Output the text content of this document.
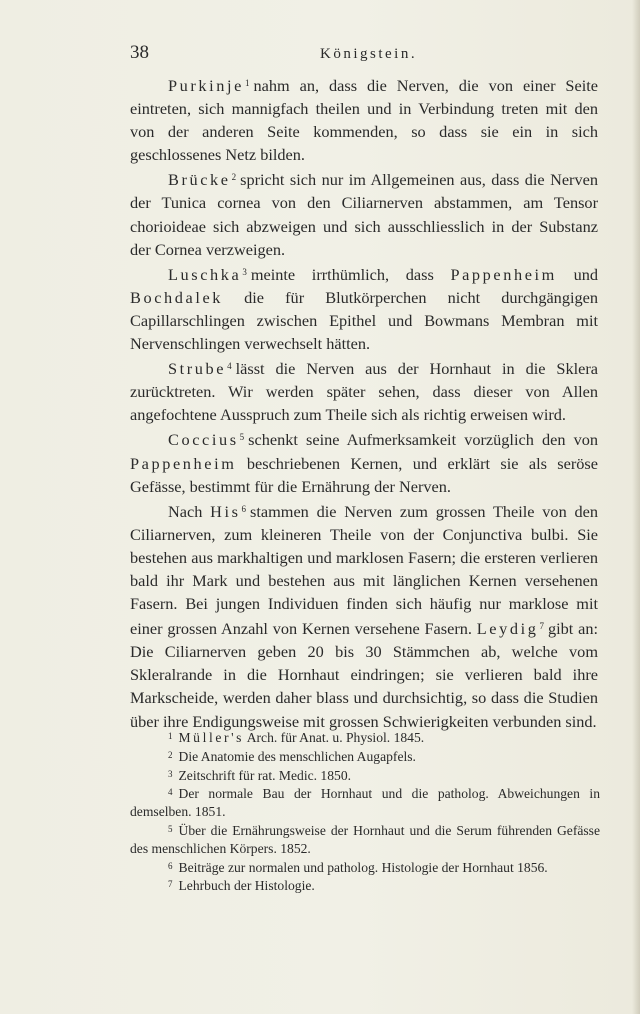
38	Königstein.

Purkinje$^1$ nahm an, dass die Nerven, die von einer Seite eintreten, sich mannigfach theilen und in Verbindung treten mit den von der anderen Seite kommenden, so dass sie ein in sich geschlossenes Netz bilden.

Brücke$^2$ spricht sich nur im Allgemeinen aus, dass die Nerven der Tunica cornea von den Ciliarnerven abstammen, am Tensor chorioideae sich abzweigen und sich ausschliesslich in der Substanz der Cornea verzweigen.

Luschka$^3$ meinte irrthümlich, dass Pappenheim und Bochdalek die für Blutkörperchen nicht durchgängigen Capillarschlingen zwischen Epithel und Bowmans Membran mit Nervenschlingen verwechselt hätten.

Strube$^4$ lässt die Nerven aus der Hornhaut in die Sklera zurücktreten. Wir werden später sehen, dass dieser von Allen angefochtene Ausspruch zum Theile sich als richtig erweisen wird.

Coccius$^5$ schenkt seine Aufmerksamkeit vorzüglich den von Pappenheim beschriebenen Kernen, und erklärt sie als seröse Gefässe, bestimmt für die Ernährung der Nerven.

Nach His$^6$ stammen die Nerven zum grossen Theile von den Ciliarnerven, zum kleineren Theile von der Conjunctiva bulbi. Sie bestehen aus markhaltigen und marklosen Fasern; die ersteren verlieren bald ihr Mark und bestehen aus mit länglichen Kernen versehenen Fasern. Bei jungen Individuen finden sich häufig nur marklose mit einer grossen Anzahl von Kernen versehene Fasern. Leydig$^7$ gibt an: Die Ciliarnerven geben 20 bis 30 Stämmchen ab, welche vom Skleralrande in die Hornhaut eindringen; sie verlieren bald ihre Markscheide, werden daher blass und durchsichtig, so dass die Studien über ihre Endigungsweise mit grossen Schwierigkeiten verbunden sind.

$^1$ Müller's Arch. für Anat. u. Physiol. 1845.

$^2$ Die Anatomie des menschlichen Augapfels.

$^3$ Zeitschrift für rat. Medic. 1850.

$^4$ Der normale Bau der Hornhaut und die patholog. Abweichungen in demselben. 1851.

$^5$ Über die Ernährungsweise der Hornhaut und die Serum führenden Gefässe des menschlichen Körpers. 1852.

$^6$ Beiträge zur normalen und patholog. Histologie der Hornhaut 1856.

$^7$ Lehrbuch der Histologie.
